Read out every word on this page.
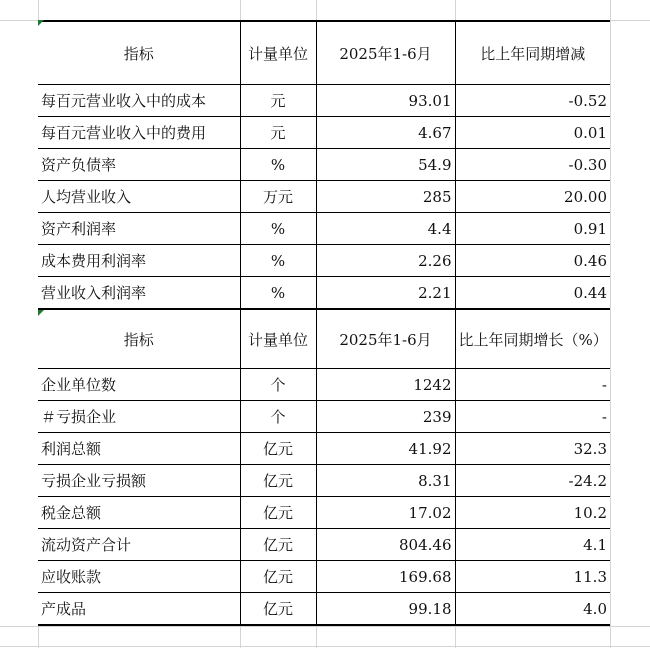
指标	计量单位	2025年1-6月	比上年同期增减
每百元营业收入中的成本	元	93.01	-0.52
每百元营业收入中的费用	元	4.67	0.01
资产负债率	%	54.9	-0.30
人均营业收入	万元	285	20.00
资产利润率	%	4.4	0.91
成本费用利润率	%	2.26	0.46
营业收入利润率	%	2.21	0.44
指标	计量单位	2025年1-6月	比上年同期增长（%）
企业单位数	个	1242	-
＃亏损企业	个	239	-
利润总额	亿元	41.92	32.3
亏损企业亏损额	亿元	8.31	-24.2
税金总额	亿元	17.02	10.2
流动资产合计	亿元	804.46	4.1
应收账款	亿元	169.68	11.3
产成品	亿元	99.18	4.0
